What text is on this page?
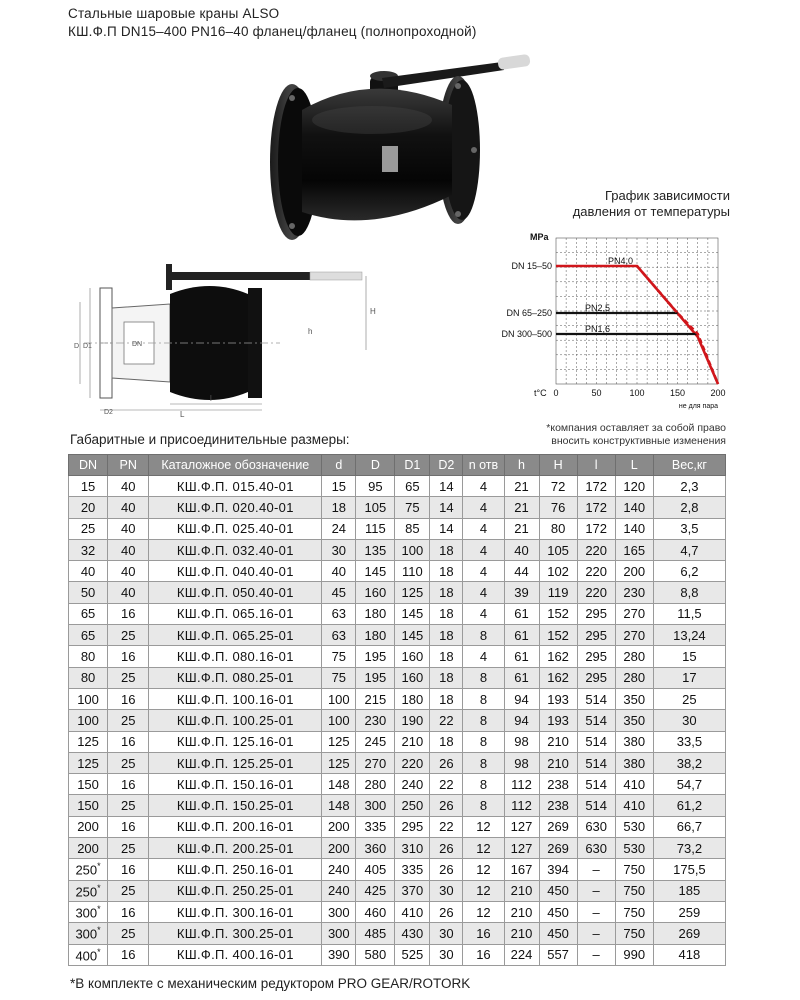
Стальные шаровые краны ALSO
КШ.Ф.П DN15–400 PN16–40 фланец/фланец (полнопроходной)
H
h
D D1
D2
l
L
DN
График зависимости
давления от температуры
MPa
t°C 0	50	100	150	200
не для пара
DN 15–50
DN 65–250
DN 300–500
PN4,0
PN2,5
PN1,6
*компания оставляет за собой право
вносить конструктивные изменения
Габаритные и присоединительные размеры:
DN	PN	Каталожное обозначение	d	D	D1	D2	n отв	h	H	l	L	Вес,кг
15	40	КШ.Ф.П. 015.40-01	15	95	65	14	4	21	72	172	120	2,3
20	40	КШ.Ф.П. 020.40-01	18	105	75	14	4	21	76	172	140	2,8
25	40	КШ.Ф.П. 025.40-01	24	115	85	14	4	21	80	172	140	3,5
32	40	КШ.Ф.П. 032.40-01	30	135	100	18	4	40	105	220	165	4,7
40	40	КШ.Ф.П. 040.40-01	40	145	110	18	4	44	102	220	200	6,2
50	40	КШ.Ф.П. 050.40-01	45	160	125	18	4	39	119	220	230	8,8
65	16	КШ.Ф.П. 065.16-01	63	180	145	18	4	61	152	295	270	11,5
65	25	КШ.Ф.П. 065.25-01	63	180	145	18	8	61	152	295	270	13,24
80	16	КШ.Ф.П. 080.16-01	75	195	160	18	4	61	162	295	280	15
80	25	КШ.Ф.П. 080.25-01	75	195	160	18	8	61	162	295	280	17
100	16	КШ.Ф.П. 100.16-01	100	215	180	18	8	94	193	514	350	25
100	25	КШ.Ф.П. 100.25-01	100	230	190	22	8	94	193	514	350	30
125	16	КШ.Ф.П. 125.16-01	125	245	210	18	8	98	210	514	380	33,5
125	25	КШ.Ф.П. 125.25-01	125	270	220	26	8	98	210	514	380	38,2
150	16	КШ.Ф.П. 150.16-01	148	280	240	22	8	112	238	514	410	54,7
150	25	КШ.Ф.П. 150.25-01	148	300	250	26	8	112	238	514	410	61,2
200	16	КШ.Ф.П. 200.16-01	200	335	295	22	12	127	269	630	530	66,7
200	25	КШ.Ф.П. 200.25-01	200	360	310	26	12	127	269	630	530	73,2
250*	16	КШ.Ф.П. 250.16-01	240	405	335	26	12	167	394	–	750	175,5
250*	25	КШ.Ф.П. 250.25-01	240	425	370	30	12	210	450	–	750	185
300*	16	КШ.Ф.П. 300.16-01	300	460	410	26	12	210	450	–	750	259
300*	25	КШ.Ф.П. 300.25-01	300	485	430	30	16	210	450	–	750	269
400*	16	КШ.Ф.П. 400.16-01	390	580	525	30	16	224	557	–	990	418
*В комплекте с механическим редуктором PRO GEAR/ROTORK
